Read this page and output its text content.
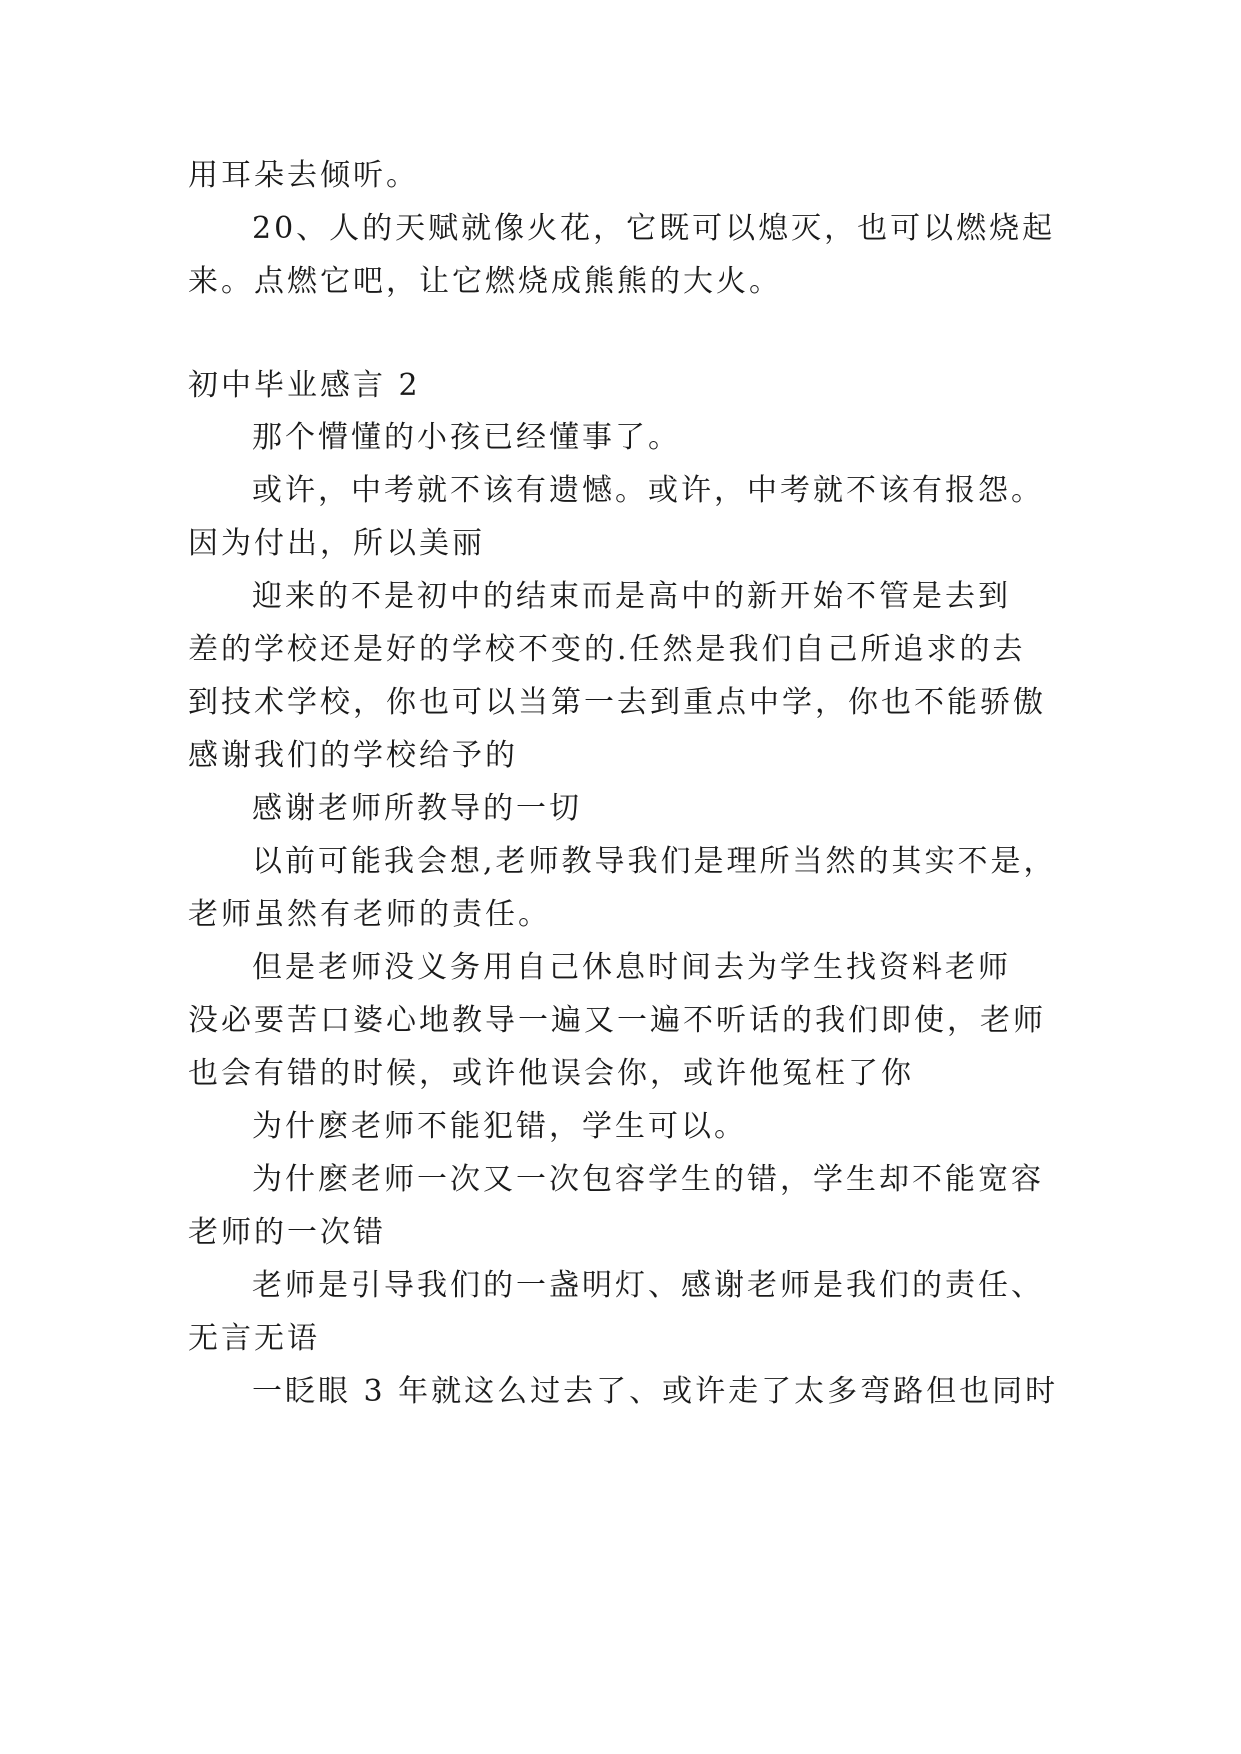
用耳朵去倾听。
20、人的天赋就像火花，它既可以熄灭，也可以燃烧起
来。点燃它吧，让它燃烧成熊熊的大火。
初中毕业感言 2
那个懵懂的小孩已经懂事了。
或许，中考就不该有遗憾。或许，中考就不该有报怨。
因为付出，所以美丽
迎来的不是初中的结束而是高中的新开始不管是去到
差的学校还是好的学校不变的.任然是我们自己所追求的去
到技术学校，你也可以当第一去到重点中学，你也不能骄傲
感谢我们的学校给予的
感谢老师所教导的一切
以前可能我会想,老师教导我们是理所当然的其实不是，
老师虽然有老师的责任。
但是老师没义务用自己休息时间去为学生找资料老师
没必要苦口婆心地教导一遍又一遍不听话的我们即使，老师
也会有错的时候，或许他误会你，或许他冤枉了你
为什麽老师不能犯错，学生可以。
为什麽老师一次又一次包容学生的错，学生却不能宽容
老师的一次错
老师是引导我们的一盏明灯、感谢老师是我们的责任、
无言无语
一眨眼 3 年就这么过去了、或许走了太多弯路但也同时
